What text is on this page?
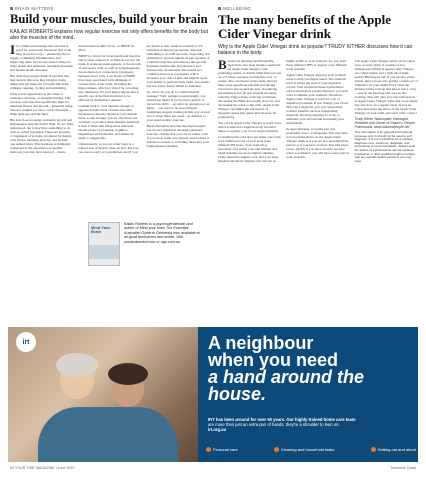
BRAIN MATTERS
Build your muscles, build your brain
KAILAS ROBERTS explains how regular exercise not only offers benefits for the body but also the muscles of the mind.

It's common knowledge that exercise is good for your brain. We know that it can help in several ways – enhancing blood supply, combating inflammation, and improving other factors associated with poor brain health and dementia, including insomnia and mental health disorders.

But what most people think of exercise that may help in this way, they imagine doing things that get them out of breath like brisk walking, running, cycling and swimming.

What is less appreciated is the value of resistance exercise, or strength training. This involves activities that specifically improve muscular fitness and growth – generally using external weights (or one's own bodyweight – think push-ups and the like).

But how does focusing on muscle growth and maintenance help the brain? Well, it's not fully understood, but it may have something to do with so-called myokines. These are proteins, or fragments of proteins, produced by muscle cells (more- meaning muscle), and include one named irisin. This hormone is intimately connected to the expression of another molecule you may have heard of – brain-derived neurotrophic factor, or BDNF for short.

BDNF is critical for brain health and function and is often referred to as Miracle Gro for the brain. It promotes neurogenesis, or the growth of new nerve cells, as well as synaptogenesis, the promotion of connections (synapses) between nerve cells. Low levels of BDNF have been associated with shrinkage of various parts of the brain, including the hippocampus, which is critical for recording new memories. It's your hippocampus that is usually one of the first structures to be affected by Alzheimer's disease.

Coming back to your muscles, though, it appears that the level of irisin and other myokines is directly related to your muscle mass, so the stronger you are, the more you are likely to produce these helpful chemicals. It then follows that being more muscular should protect you against cognitive impairment and dementia, and studies do seem to suggest this.

Unfortunately, as you get older there is a natural loss of muscle mass, in fact, this loss can start as early as your thirties, and if you are inactive, may result in as much as 5% reduction in muscle per decade. This has something to do with the body responding less optimally to growth signals, in part because of a natural reduction in hormones like growth hormone, insulin-like growth factor and testosterone. In extremis, this results in a condition known as sarcopenia, which increases your risk of falls and impacts upon your ability to perform daily tasks. Sarcopenia has also been clearly linked to dementia.

So, what can you do to combat muscle wastage? Well, perhaps unsurprisingly, you should use them! If you've had a period of forced inactivity – say after an operation or an injury – you need to be extra diligent. Guidelines suggest training in this way at least two to three times per week – in addition to your usual aerobic exercise.

Physiotherapists and exercise physiologists can be very helpful at devising resistance exercise routines that you can do safely, even if you are in some way injured, and so there is usually no excuse to including these into your behebomadal schedule.

Mind Your Brain
Kailas Roberts is a psychogeriatrician and author of Mind your brain The Essential Australian Guide to Dementia now available at all good bookstores and online. Visit yourbrainmind.com or ugo.com.au
WELLBEING
The many benefits of the Apple Cider Vinegar drink
Why is the Apple Cider Vinegar drink so popular? TRUDY KITHER discusses how it can balance in the body.

Besides its amazing health benefits, there have also been studies conducted on Apple Cider Vinegar, with promising results. A double blind trial was run on 175 obese Japanese participants over 12 weeks. The conclusion of the study showed there were significant benefits in reducing visceral fat (fat around the gut), in reducing subcutaneous fat (fat just beneath the skin), reducing triglycerides, reducing waistlines, decreasing the BMI, decreasing body fat, and decreasing the waist to hip ratio. Apple Cider Vinegar can inhibit the expression of lipogenic genes (the genes that increase fat production).

The acid in Apple Cider Vinegar is acetic acid, which is known to suppress body fat and it helps to regulate your blood sugars (insulin).

Consuming this acid does not make your body acid. Different parts of your body have different PH levels. Your stomach is extremely acid whilst your gall bladder and small intestine are more slightly alkaline. Urine should be slightly acid, and your large intestine should be slightly acid, but not as highly acidic as your stomach. So, you need these different PH's to support your different body systems.

Apple Cider Vinegar supports your stomach acids to help you digest better. The stomach level is where the start of your digestion occurs. Your stomach release hydrochloric acid to breakdown protein therefore you don't want to alkalise your stomach. Therefore, Apple Cider Vinegar is used for a lot of digestive problems. If you change your blood PH even a slight bit, you can create many positive benefits, such as transporting minerals, allowing enzymes to work, to stimulate your thyroid and increasing your metabolism.

In approximately 12 weeks you can potentially lose 1-2 kilograms. The only time not recommended to do the Apple Cider Vinegar drink is if you are in a prolonged fast, ketosis or if you have an ulcer. You will know pretty quickly if you have an ulcer because when you drink it, you will have some pain in your stomach.

The Apple Cider Vinegar drink can be taken once or twice daily. It consists of two tablespoons (30ml) of Apple Cider Vinegar, one whole lemon and a little bit of high-quality Himalayan salt. If you use the whole lemon, then you are also getting a whole lot of Vitamin C in your drink! Put it all in the blender, blend it all up and take it twice a day – once in the morning and once in the evening. This will give you four tablespoons of Apple Cider Vinegar. Take this every single day and do it on a regular basis. If you are concerned about the effect of the Apple Cider Vinegar on your teeth, just sip it with a straw!

Trudy Kither, Naturopath, Iridologist, Herbalist and Owner of Nature's Temple, Palmwoods. www.naturestemple.net

This information is for general informational purposes only. It should not be used to self diagnose. It is not a substitute for a medical diagnosis cure, treatment, diagnosis, and prescription or recommendation. Always seek the advice of a professional natural medicine practitioner or other qualified health providers with any specific health questions you may have.

irt	A neighbour
when you need
a hand around the house.
IRT has been around for over 50 years. Our highly trained home care team
are more than just an extra pair of hands, they're a shoulder to lean on.
irt.org.au
Personal care	Cleaning and household tasks	Getting out and about
52 YOUR TIME MAGAZINE | June 2022	Sunshine Coast
